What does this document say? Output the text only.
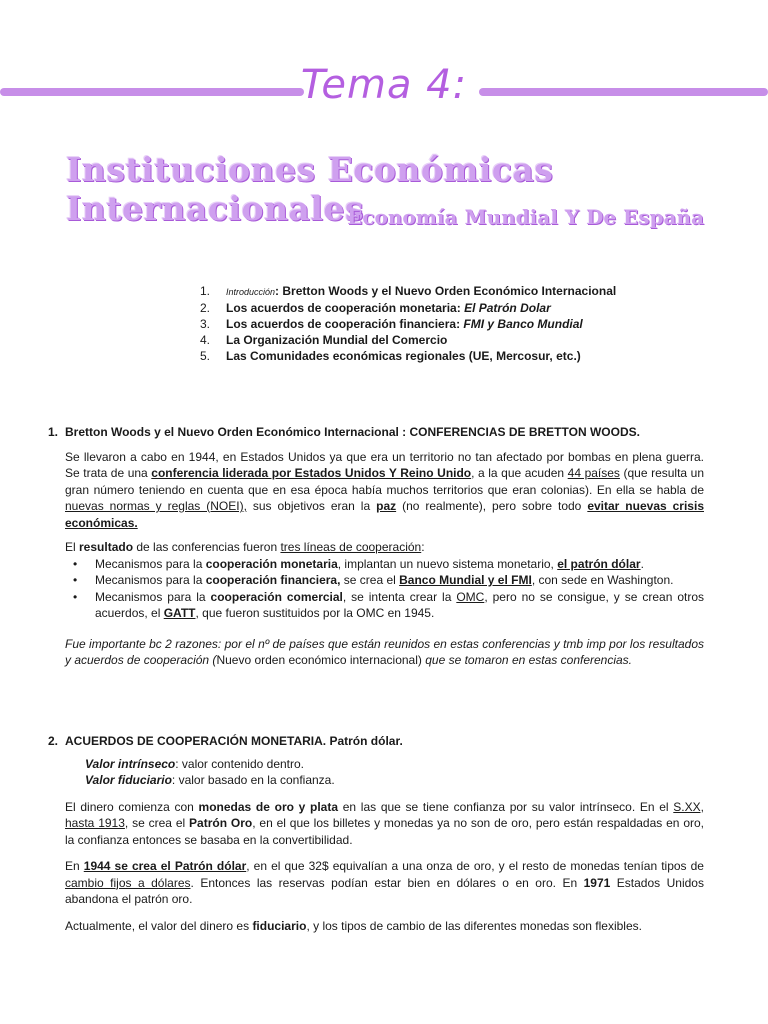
Tema 4:
Instituciones Económicas Internacionales
Economía Mundial Y De España
1.	Introducción: Bretton Woods y el Nuevo Orden Económico Internacional
2.	Los acuerdos de cooperación monetaria: El Patrón Dolar
3.	Los acuerdos de cooperación financiera: FMI y Banco Mundial
4.	La Organización Mundial del Comercio
5.	Las Comunidades económicas regionales (UE, Mercosur, etc.)
1. Bretton Woods y el Nuevo Orden Económico Internacional : CONFERENCIAS DE BRETTON WOODS.
Se llevaron a cabo en 1944, en Estados Unidos ya que era un territorio no tan afectado por bombas en plena guerra. Se trata de una conferencia liderada por Estados Unidos Y Reino Unido, a la que acuden 44 países (que resulta un gran número teniendo en cuenta que en esa época había muchos territorios que eran colonias). En ella se habla de nuevas normas y reglas (NOEI), sus objetivos eran la paz (no realmente), pero sobre todo evitar nuevas crisis económicas.
El resultado de las conferencias fueron tres líneas de cooperación:
•	Mecanismos para la cooperación monetaria, implantan un nuevo sistema monetario, el patrón dólar.
•	Mecanismos para la cooperación financiera, se crea el Banco Mundial y el FMI, con sede en Washington.
•	Mecanismos para la cooperación comercial, se intenta crear la OMC, pero no se consigue, y se crean otros acuerdos, el GATT, que fueron sustituidos por la OMC en 1945.
Fue importante bc 2 razones: por el nº de países que están reunidos en estas conferencias y tmb imp por los resultados y acuerdos de cooperación (Nuevo orden económico internacional) que se tomaron en estas conferencias.
2. ACUERDOS DE COOPERACIÓN MONETARIA. Patrón dólar.
Valor intrínseco: valor contenido dentro.
Valor fiduciario: valor basado en la confianza.
El dinero comienza con monedas de oro y plata en las que se tiene confianza por su valor intrínseco. En el S.XX, hasta 1913, se crea el Patrón Oro, en el que los billetes y monedas ya no son de oro, pero están respaldadas en oro, la confianza entonces se basaba en la convertibilidad.
En 1944 se crea el Patrón dólar, en el que 32$ equivalían a una onza de oro, y el resto de monedas tenían tipos de cambio fijos a dólares. Entonces las reservas podían estar bien en dólares o en oro. En 1971 Estados Unidos abandona el patrón oro.
Actualmente, el valor del dinero es fiduciario, y los tipos de cambio de las diferentes monedas son flexibles.
